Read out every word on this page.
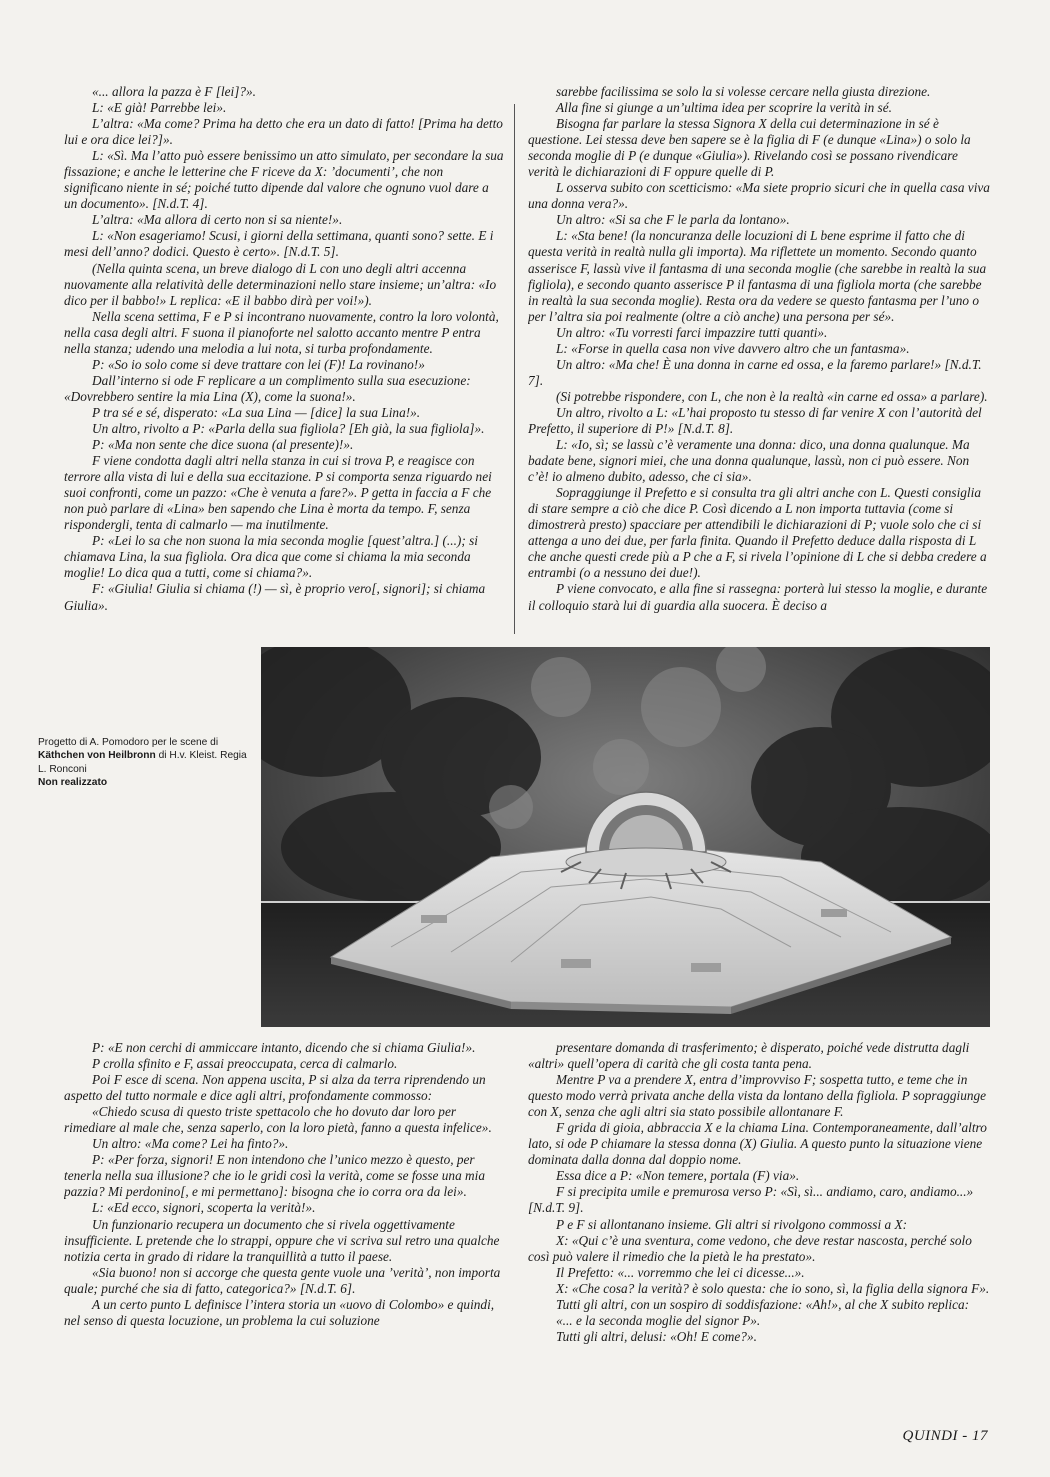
«... allora la pazza è F [lei]?».

L: «E già! Parrebbe lei».

L’altra: «Ma come? Prima ha detto che era un dato di fatto! [Prima ha detto lui e ora dice lei?]».

L: «Sì. Ma l’atto può essere benissimo un atto simulato, per secondare la sua fissazione; e anche le letterine che F riceve da X: ’documenti’, che non significano niente in sé; poiché tutto dipende dal valore che ognuno vuol dare a un documento». [N.d.T. 4].

L’altra: «Ma allora di certo non si sa niente!».

L: «Non esageriamo! Scusi, i giorni della settimana, quanti sono? sette. E i mesi dell’anno? dodici. Questo è certo». [N.d.T. 5].

(Nella quinta scena, un breve dialogo di L con uno degli altri accenna nuovamente alla relatività delle determinazioni nello stare insieme; un’altra: «Io dico per il babbo!» L replica: «E il babbo dirà per voi!»).

Nella scena settima, F e P si incontrano nuovamente, contro la loro volontà, nella casa degli altri. F suona il pianoforte nel salotto accanto mentre P entra nella stanza; udendo una melodia a lui nota, si turba profondamente.

P: «So io solo come si deve trattare con lei (F)! La rovinano!»

Dall’interno si ode F replicare a un complimento sulla sua esecuzione: «Dovrebbero sentire la mia Lina (X), come la suona!».

P tra sé e sé, disperato: «La sua Lina — [dice] la sua Lina!».

Un altro, rivolto a P: «Parla della sua figliola? [Eh già, la sua figliola]».

P: «Ma non sente che dice suona (al presente)!».

F viene condotta dagli altri nella stanza in cui si trova P, e reagisce con terrore alla vista di lui e della sua eccitazione. P si comporta senza riguardo nei suoi confronti, come un pazzo: «Che è venuta a fare?». P getta in faccia a F che non può parlare di «Lina» ben sapendo che Lina è morta da tempo. F, senza rispondergli, tenta di calmarlo — ma inutilmente.

P: «Lei lo sa che non suona la mia seconda moglie [quest’altra.] (...); si chiamava Lina, la sua figliola. Ora dica que come si chiama la mia seconda moglie! Lo dica qua a tutti, come si chiama?».

F: «Giulia! Giulia si chiama (!) — sì, è proprio vero[, signori]; si chiama Giulia».

sarebbe facilissima se solo la si volesse cercare nella giusta direzione.

Alla fine si giunge a un’ultima idea per scoprire la verità in sé.

Bisogna far parlare la stessa Signora X della cui determinazione in sé è questione. Lei stessa deve ben sapere se è la figlia di F (e dunque «Lina») o solo la seconda moglie di P (e dunque «Giulia»). Rivelando così se possano rivendicare verità le dichiarazioni di F oppure quelle di P.

L osserva subito con scetticismo: «Ma siete proprio sicuri che in quella casa viva una donna vera?».

Un altro: «Si sa che F le parla da lontano».

L: «Sta bene! (la noncuranza delle locuzioni di L bene esprime il fatto che di questa verità in realtà nulla gli importa). Ma riflettete un momento. Secondo quanto asserisce F, lassù vive il fantasma di una seconda moglie (che sarebbe in realtà la sua figliola), e secondo quanto asserisce P il fantasma di una figliola morta (che sarebbe in realtà la sua seconda moglie). Resta ora da vedere se questo fantasma per l’uno o per l’altra sia poi realmente (oltre a ciò anche) una persona per sé».

Un altro: «Tu vorresti farci impazzire tutti quanti».

L: «Forse in quella casa non vive davvero altro che un fantasma».

Un altro: «Ma che! È una donna in carne ed ossa, e la faremo parlare!» [N.d.T. 7].

(Si potrebbe rispondere, con L, che non è la realtà «in carne ed ossa» a parlare).

Un altro, rivolto a L: «L’hai proposto tu stesso di far venire X con l’autorità del Prefetto, il superiore di P!» [N.d.T. 8].

L: «Io, sì; se lassù c’è veramente una donna: dico, una donna qualunque. Ma badate bene, signori miei, che una donna qualunque, lassù, non ci può essere. Non c’è! io almeno dubito, adesso, che ci sia».

Sopraggiunge il Prefetto e si consulta tra gli altri anche con L. Questi consiglia di stare sempre a ciò che dice P. Così dicendo a L non importa tuttavia (come si dimostrerà presto) spacciare per attendibili le dichiarazioni di P; vuole solo che ci si attenga a uno dei due, per farla finita. Quando il Prefetto deduce dalla risposta di L che anche questi crede più a P che a F, si rivela l’opinione di L che si debba credere a entrambi (o a nessuno dei due!).

P viene convocato, e alla fine si rassegna: porterà lui stesso la moglie, e durante il colloquio starà lui di guardia alla suocera. È deciso a

Progetto di A. Pomodoro per le scene di
Käthchen von Heilbronn di H.v. Kleist. Regia L. Ronconi
Non realizzato

P: «E non cerchi di ammiccare intanto, dicendo che si chiama Giulia!».

P crolla sfinito e F, assai preoccupata, cerca di calmarlo.

Poi F esce di scena. Non appena uscita, P si alza da terra riprendendo un aspetto del tutto normale e dice agli altri, profondamente commosso:

«Chiedo scusa di questo triste spettacolo che ho dovuto dar loro per rimediare al male che, senza saperlo, con la loro pietà, fanno a questa infelice».

Un altro: «Ma come? Lei ha finto?».

P: «Per forza, signori! E non intendono che l’unico mezzo è questo, per tenerla nella sua illusione? che io le gridi così la verità, come se fosse una mia pazzia? Mi perdonino[, e mi permettano]: bisogna che io corra ora da lei».

L: «Ed ecco, signori, scoperta la verità!».

Un funzionario recupera un documento che si rivela oggettivamente insufficiente. L pretende che lo strappi, oppure che vi scriva sul retro una qualche notizia certa in grado di ridare la tranquillità a tutto il paese.

«Sia buono! non si accorge che questa gente vuole una ’verità’, non importa quale; purché che sia di fatto, categorica?» [N.d.T. 6].

A un certo punto L definisce l’intera storia un «uovo di Colombo» e quindi, nel senso di questa locuzione, un problema la cui soluzione

presentare domanda di trasferimento; è disperato, poiché vede distrutta dagli «altri» quell’opera di carità che gli costa tanta pena.

Mentre P va a prendere X, entra d’improvviso F; sospetta tutto, e teme che in questo modo verrà privata anche della vista da lontano della figliola. P sopraggiunge con X, senza che agli altri sia stato possibile allontanare F.

F grida di gioia, abbraccia X e la chiama Lina. Contemporaneamente, dall’altro lato, si ode P chiamare la stessa donna (X) Giulia. A questo punto la situazione viene dominata dalla donna dal doppio nome.

Essa dice a P: «Non temere, portala (F) via».

F si precipita umile e premurosa verso P: «Sì, sì... andiamo, caro, andiamo...» [N.d.T. 9].

P e F si allontanano insieme. Gli altri si rivolgono commossi a X:

X: «Qui c’è una sventura, come vedono, che deve restar nascosta, perché solo così può valere il rimedio che la pietà le ha prestato».

Il Prefetto: «... vorremmo che lei ci dicesse...».

X: «Che cosa? la verità? è solo questa: che io sono, sì, la figlia della signora F».

Tutti gli altri, con un sospiro di soddisfazione: «Ah!», al che X subito replica:

«... e la seconda moglie del signor P».

Tutti gli altri, delusi: «Oh! E come?».

QUINDI - 17
